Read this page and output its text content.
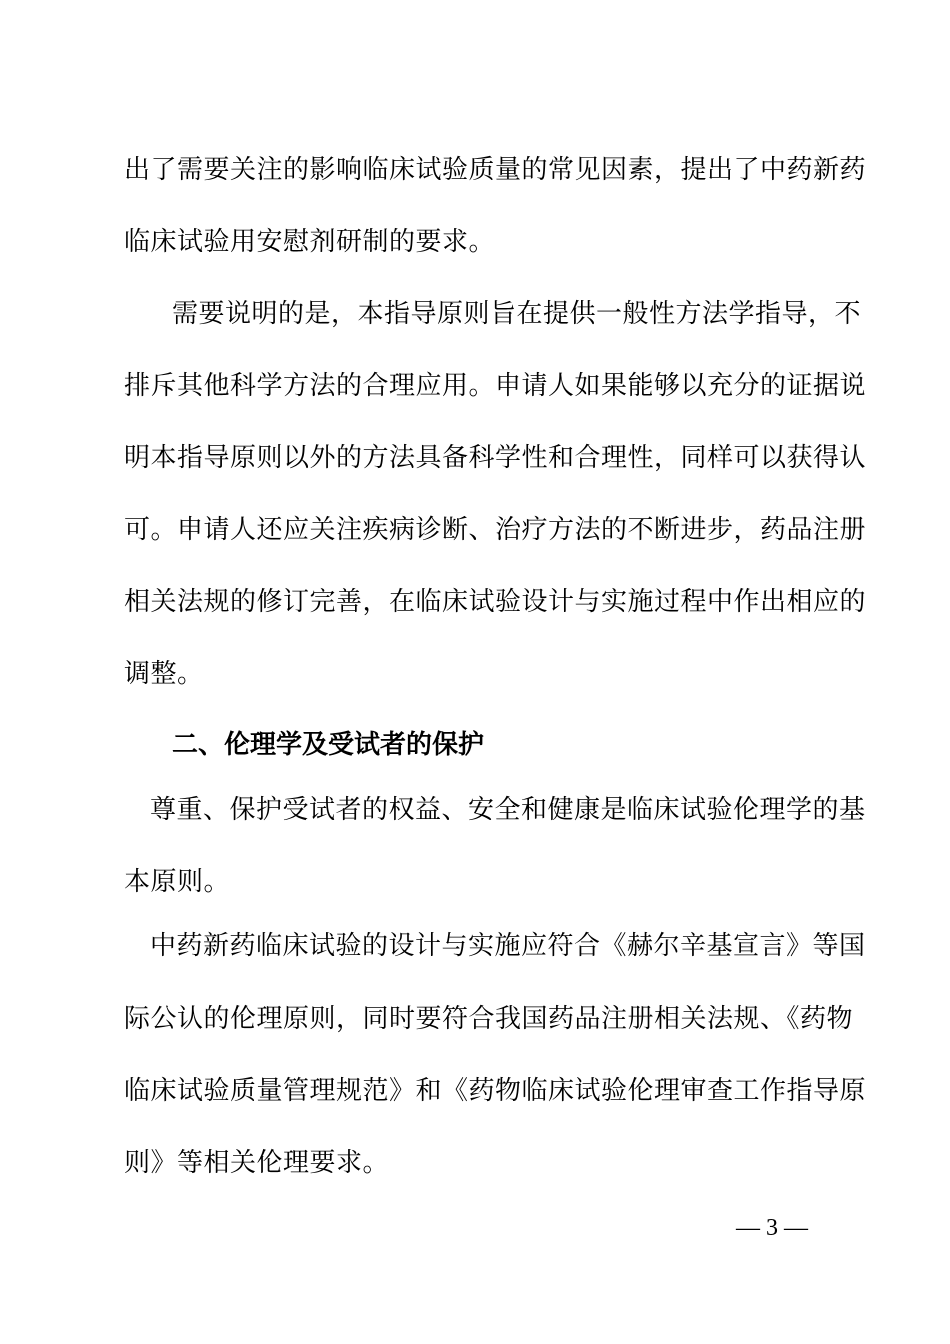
出了需要关注的影响临床试验质量的常见因素，提出了中药新药
临床试验用安慰剂研制的要求。
需要说明的是，本指导原则旨在提供一般性方法学指导，不
排斥其他科学方法的合理应用。申请人如果能够以充分的证据说
明本指导原则以外的方法具备科学性和合理性，同样可以获得认
可。申请人还应关注疾病诊断、治疗方法的不断进步，药品注册
相关法规的修订完善，在临床试验设计与实施过程中作出相应的
调整。
二、伦理学及受试者的保护
尊重、保护受试者的权益、安全和健康是临床试验伦理学的基
本原则。
中药新药临床试验的设计与实施应符合《赫尔辛基宣言》等国
际公认的伦理原则，同时要符合我国药品注册相关法规、《药物
临床试验质量管理规范》和《药物临床试验伦理审查工作指导原
则》等相关伦理要求。
— 3 —
